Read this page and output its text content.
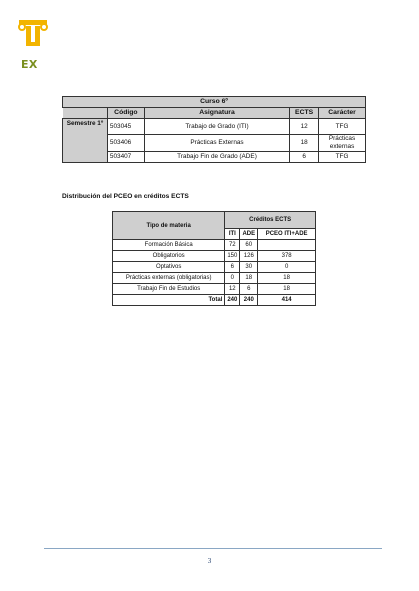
EX
Curso 6º				
	Código	Asignatura	ECTS	Carácter
Semestre 1º	503045	Trabajo de Grado (ITI)	12	TFG
	503406	Prácticas Externas	18	Prácticas externas
	503407	Trabajo Fin de Grado (ADE)	6	TFG
Distribución del PCEO en créditos ECTS
Tipo de materia	Créditos ECTS		
	ITI	ADE	PCEO ITI+ADE
Formación Básica	72	60	
Obligatorios	150	126	378
Optativos	6	30	0
Prácticas externas (obligatorias)	0	18	18
Trabajo Fin de Estudios	12	6	18
Total	240	240	414
3
